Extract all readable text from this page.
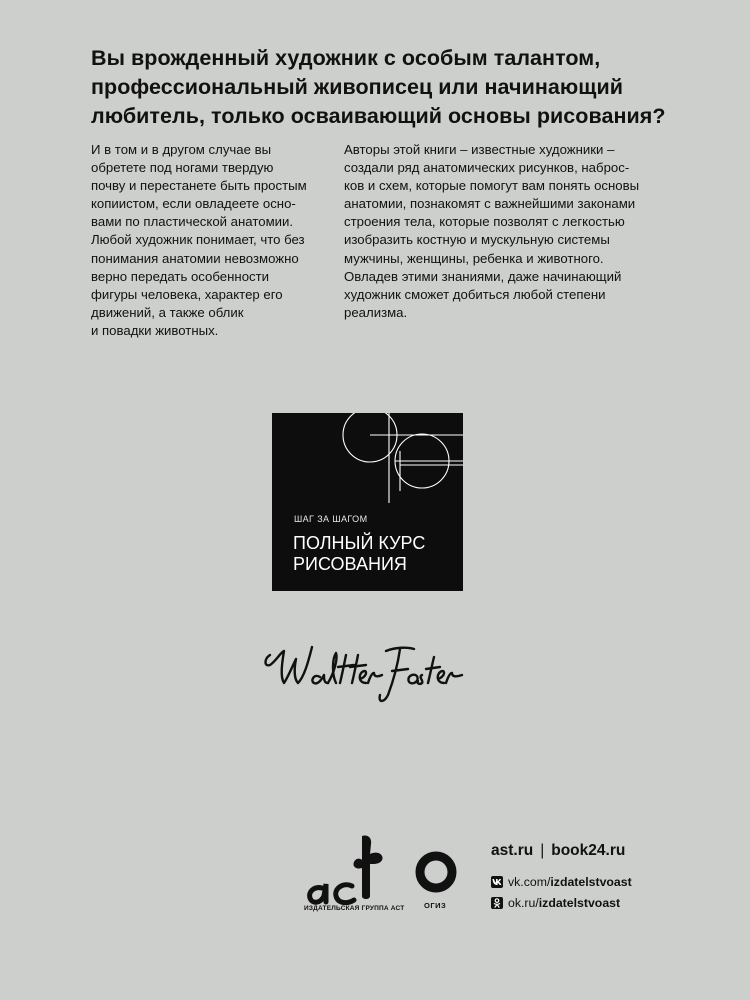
Вы врожденный художник с особым талантом,
профессиональный живописец или начинающий
любитель, только осваивающий основы рисования?
И в том и в другом случае вы
обретете под ногами твердую
почву и перестанете быть простым
копиистом, если овладеете осно-
вами по пластической анатомии.
Любой художник понимает, что без
понимания анатомии невозможно
верно передать особенности
фигуры человека, характер его
движений, а также облик
и повадки животных.
Авторы этой книги – известные художники –
создали ряд анатомических рисунков, наброс-
ков и схем, которые помогут вам понять основы
анатомии, познакомят с важнейшими законами
строения тела, которые позволят с легкостью
изобразить костную и мускульную системы
мужчины, женщины, ребенка и животного.
Овладев этими знаниями, даже начинающий
художник сможет добиться любой степени
реализма.
ШАГ ЗА ШАГОМ
ПОЛНЫЙ КУРС
РИСОВАНИЯ
ИЗДАТЕЛЬСКАЯ ГРУППА АСТ	ОГИЗ
ast.ru | book24.ru
vk.com/ izdatelstvoast
ok.ru/ izdatelstvoast
